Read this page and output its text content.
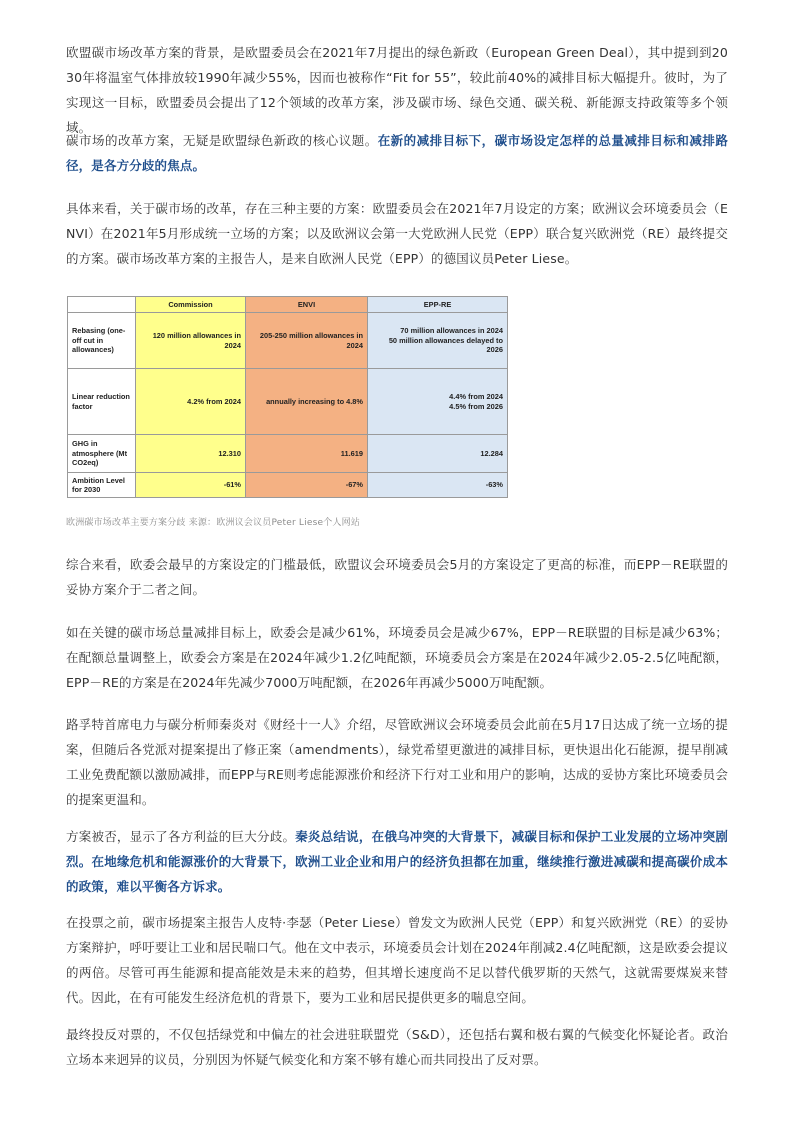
欧盟碳市场改革方案的背景，是欧盟委员会在2021年7月提出的绿色新政（European Green Deal），其中提到到2030年将温室气体排放较1990年减少55%，因而也被称作“Fit for 55”，较此前40%的减排目标大幅提升。彼时，为了实现这一目标，欧盟委员会提出了12个领域的改革方案，涉及碳市场、绿色交通、碳关税、新能源支持政策等多个领域。

碳市场的改革方案，无疑是欧盟绿色新政的核心议题。在新的减排目标下，碳市场设定怎样的总量减排目标和减排路径，是各方分歧的焦点。

具体来看，关于碳市场的改革，存在三种主要的方案：欧盟委员会在2021年7月设定的方案；欧洲议会环境委员会（ENVI）在2021年5月形成统一立场的方案；以及欧洲议会第一大党欧洲人民党（EPP）联合复兴欧洲党（RE）最终提交的方案。碳市场改革方案的主报告人，是来自欧洲人民党（EPP）的德国议员Peter Liese。

	Commission	ENVI	EPP-RE
Rebasing (one-off cut in allowances)	120 million allowances in 2024	205-250 million allowances in 2024	70 million allowances in 2024
50 million allowances delayed to 2026
Linear reduction factor	4.2% from 2024	annually increasing to 4.8%	4.4% from 2024
4.5% from 2026
GHG in atmosphere (Mt CO2eq)	12.310	11.619	12.284
Ambition Level for 2030	-61%	-67%	-63%

欧洲碳市场改革主要方案分歧 来源：欧洲议会议员Peter Liese个人网站

综合来看，欧委会最早的方案设定的门槛最低，欧盟议会环境委员会5月的方案设定了更高的标准，而EPP－RE联盟的妥协方案介于二者之间。

如在关键的碳市场总量减排目标上，欧委会是减少61%，环境委员会是减少67%，EPP－RE联盟的目标是减少63%；在配额总量调整上，欧委会方案是在2024年减少1.2亿吨配额，环境委员会方案是在2024年减少2.05-2.5亿吨配额，EPP－RE的方案是在2024年先减少7000万吨配额，在2026年再减少5000万吨配额。

路孚特首席电力与碳分析师秦炎对《财经十一人》介绍，尽管欧洲议会环境委员会此前在5月17日达成了统一立场的提案，但随后各党派对提案提出了修正案（amendments），绿党希望更激进的减排目标，更快退出化石能源，提早削减工业免费配额以激励减排，而EPP与RE则考虑能源涨价和经济下行对工业和用户的影响，达成的妥协方案比环境委员会的提案更温和。

方案被否，显示了各方利益的巨大分歧。秦炎总结说，在俄乌冲突的大背景下，减碳目标和保护工业发展的立场冲突剧烈。在地缘危机和能源涨价的大背景下，欧洲工业企业和用户的经济负担都在加重，继续推行激进减碳和提高碳价成本的政策，难以平衡各方诉求。

在投票之前，碳市场提案主报告人皮特·李瑟（Peter Liese）曾发文为欧洲人民党（EPP）和复兴欧洲党（RE）的妥协方案辩护，呼吁要让工业和居民喘口气。他在文中表示，环境委员会计划在2024年削减2.4亿吨配额，这是欧委会提议的两倍。尽管可再生能源和提高能效是未来的趋势，但其增长速度尚不足以替代俄罗斯的天然气，这就需要煤炭来替代。因此，在有可能发生经济危机的背景下，要为工业和居民提供更多的喘息空间。

最终投反对票的，不仅包括绿党和中偏左的社会进驻联盟党（S&D），还包括右翼和极右翼的气候变化怀疑论者。政治立场本来迥异的议员，分别因为怀疑气候变化和方案不够有雄心而共同投出了反对票。
